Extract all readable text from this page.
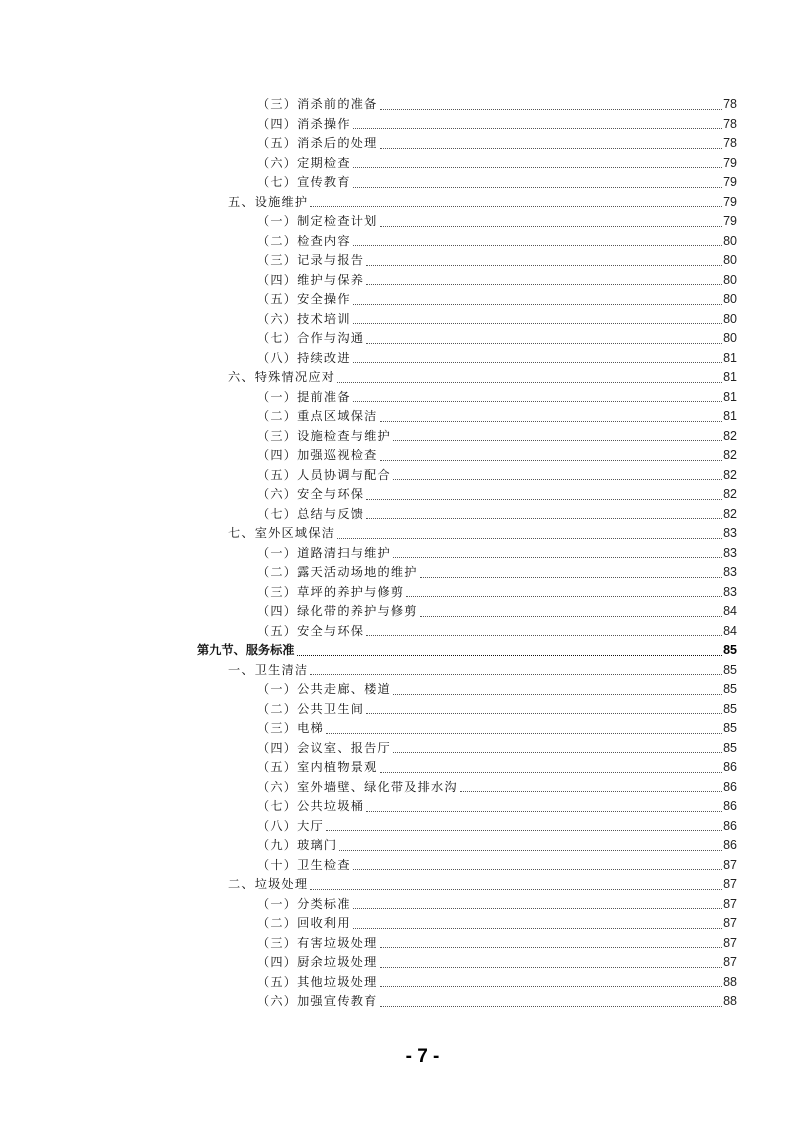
（三）消杀前的准备	78
（四）消杀操作	78
（五）消杀后的处理	78
（六）定期检查	79
（七）宣传教育	79
五、设施维护	79
（一）制定检查计划	79
（二）检查内容	80
（三）记录与报告	80
（四）维护与保养	80
（五）安全操作	80
（六）技术培训	80
（七）合作与沟通	80
（八）持续改进	81
六、特殊情况应对	81
（一）提前准备	81
（二）重点区域保洁	81
（三）设施检查与维护	82
（四）加强巡视检查	82
（五）人员协调与配合	82
（六）安全与环保	82
（七）总结与反馈	82
七、室外区域保洁	83
（一）道路清扫与维护	83
（二）露天活动场地的维护	83
（三）草坪的养护与修剪	83
（四）绿化带的养护与修剪	84
（五）安全与环保	84
第九节、服务标准	85
一、卫生清洁	85
（一）公共走廊、楼道	85
（二）公共卫生间	85
（三）电梯	85
（四）会议室、报告厅	85
（五）室内植物景观	86
（六）室外墙壁、绿化带及排水沟	86
（七）公共垃圾桶	86
（八）大厅	86
（九）玻璃门	86
（十）卫生检查	87
二、垃圾处理	87
（一）分类标准	87
（二）回收利用	87
（三）有害垃圾处理	87
（四）厨余垃圾处理	87
（五）其他垃圾处理	88
（六）加强宣传教育	88
- 7 -
